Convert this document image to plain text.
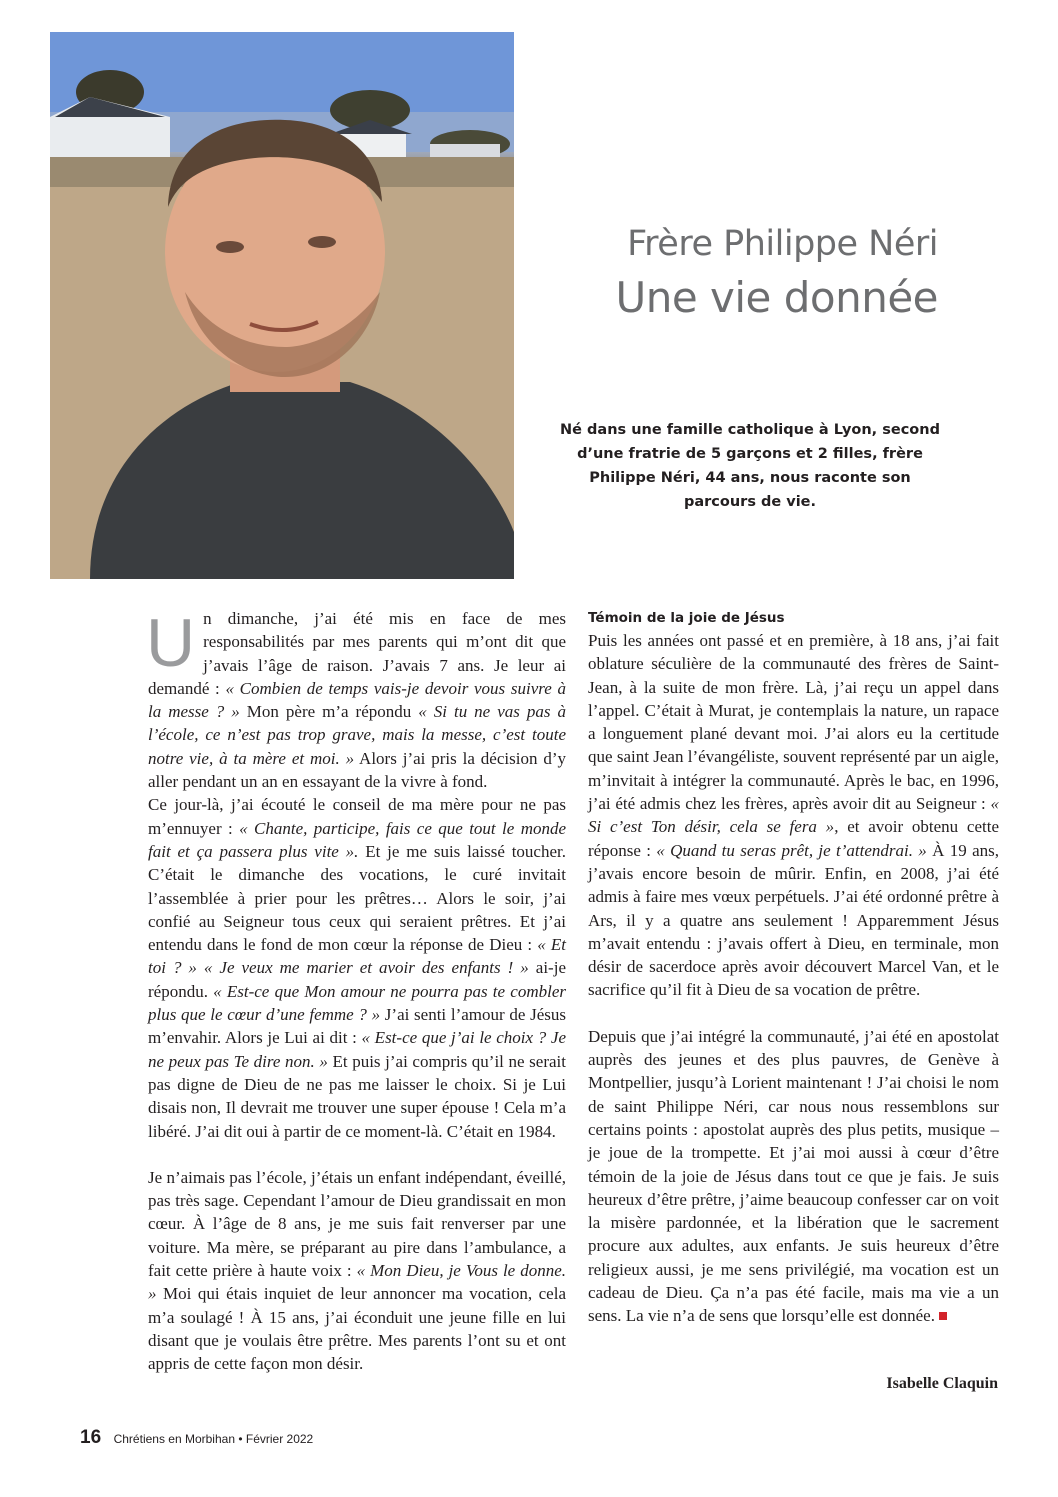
Frère Philippe Néri
Une vie donnée
Né dans une famille catholique à Lyon, second d’une fratrie de 5 garçons et 2 filles, frère Philippe Néri, 44 ans, nous raconte son parcours de vie.

Un dimanche, j’ai été mis en face de mes responsabilités par mes parents qui m’ont dit que j’avais l’âge de raison. J’avais 7 ans. Je leur ai demandé : « Combien de temps vais-je devoir vous suivre à la messe ? » Mon père m’a répondu « Si tu ne vas pas à l’école, ce n’est pas trop grave, mais la messe, c’est toute notre vie, à ta mère et moi. » Alors j’ai pris la décision d’y aller pendant un an en essayant de la vivre à fond.

Ce jour-là, j’ai écouté le conseil de ma mère pour ne pas m’ennuyer : « Chante, participe, fais ce que tout le monde fait et ça passera plus vite ». Et je me suis laissé toucher. C’était le dimanche des vocations, le curé invitait l’assemblée à prier pour les prêtres… Alors le soir, j’ai confié au Seigneur tous ceux qui seraient prêtres. Et j’ai entendu dans le fond de mon cœur la réponse de Dieu : « Et toi ? » « Je veux me marier et avoir des enfants ! » ai-je répondu. « Est-ce que Mon amour ne pourra pas te combler plus que le cœur d’une femme ? » J’ai senti l’amour de Jésus m’envahir. Alors je Lui ai dit : « Est-ce que j’ai le choix ? Je ne peux pas Te dire non. » Et puis j’ai compris qu’il ne serait pas digne de Dieu de ne pas me laisser le choix. Si je Lui disais non, Il devrait me trouver une super épouse ! Cela m’a libéré. J’ai dit oui à partir de ce moment-là. C’était en 1984.

Je n’aimais pas l’école, j’étais un enfant indépendant, éveillé, pas très sage. Cependant l’amour de Dieu grandissait en mon cœur. À l’âge de 8 ans, je me suis fait renverser par une voiture. Ma mère, se préparant au pire dans l’ambulance, a fait cette prière à haute voix : « Mon Dieu, je Vous le donne. » Moi qui étais inquiet de leur annoncer ma vocation, cela m’a soulagé ! À 15 ans, j’ai éconduit une jeune fille en lui disant que je voulais être prêtre. Mes parents l’ont su et ont appris de cette façon mon désir.

Témoin de la joie de Jésus

Puis les années ont passé et en première, à 18 ans, j’ai fait oblature séculière de la communauté des frères de Saint-Jean, à la suite de mon frère. Là, j’ai reçu un appel dans l’appel. C’était à Murat, je contemplais la nature, un rapace a longuement plané devant moi. J’ai alors eu la certitude que saint Jean l’évangéliste, souvent représenté par un aigle, m’invitait à intégrer la communauté. Après le bac, en 1996, j’ai été admis chez les frères, après avoir dit au Seigneur : « Si c’est Ton désir, cela se fera », et avoir obtenu cette réponse : « Quand tu seras prêt, je t’attendrai. » À 19 ans, j’avais encore besoin de mûrir. Enfin, en 2008, j’ai été admis à faire mes vœux perpétuels. J’ai été ordonné prêtre à Ars, il y a quatre ans seulement ! Apparemment Jésus m’avait entendu : j’avais offert à Dieu, en terminale, mon désir de sacerdoce après avoir découvert Marcel Van, et le sacrifice qu’il fit à Dieu de sa vocation de prêtre.

Depuis que j’ai intégré la communauté, j’ai été en apostolat auprès des jeunes et des plus pauvres, de Genève à Montpellier, jusqu’à Lorient maintenant ! J’ai choisi le nom de saint Philippe Néri, car nous nous ressemblons sur certains points : apostolat auprès des plus petits, musique – je joue de la trompette. Et j’ai moi aussi à cœur d’être témoin de la joie de Jésus dans tout ce que je fais. Je suis heureux d’être prêtre, j’aime beaucoup confesser car on voit la misère pardonnée, et la libération que le sacrement procure aux adultes, aux enfants. Je suis heureux d’être religieux aussi, je me sens privilégié, ma vocation est un cadeau de Dieu. Ça n’a pas été facile, mais ma vie a un sens. La vie n’a de sens que lorsqu’elle est donnée.

Isabelle Claquin
16 Chrétiens en Morbihan • Février 2022
